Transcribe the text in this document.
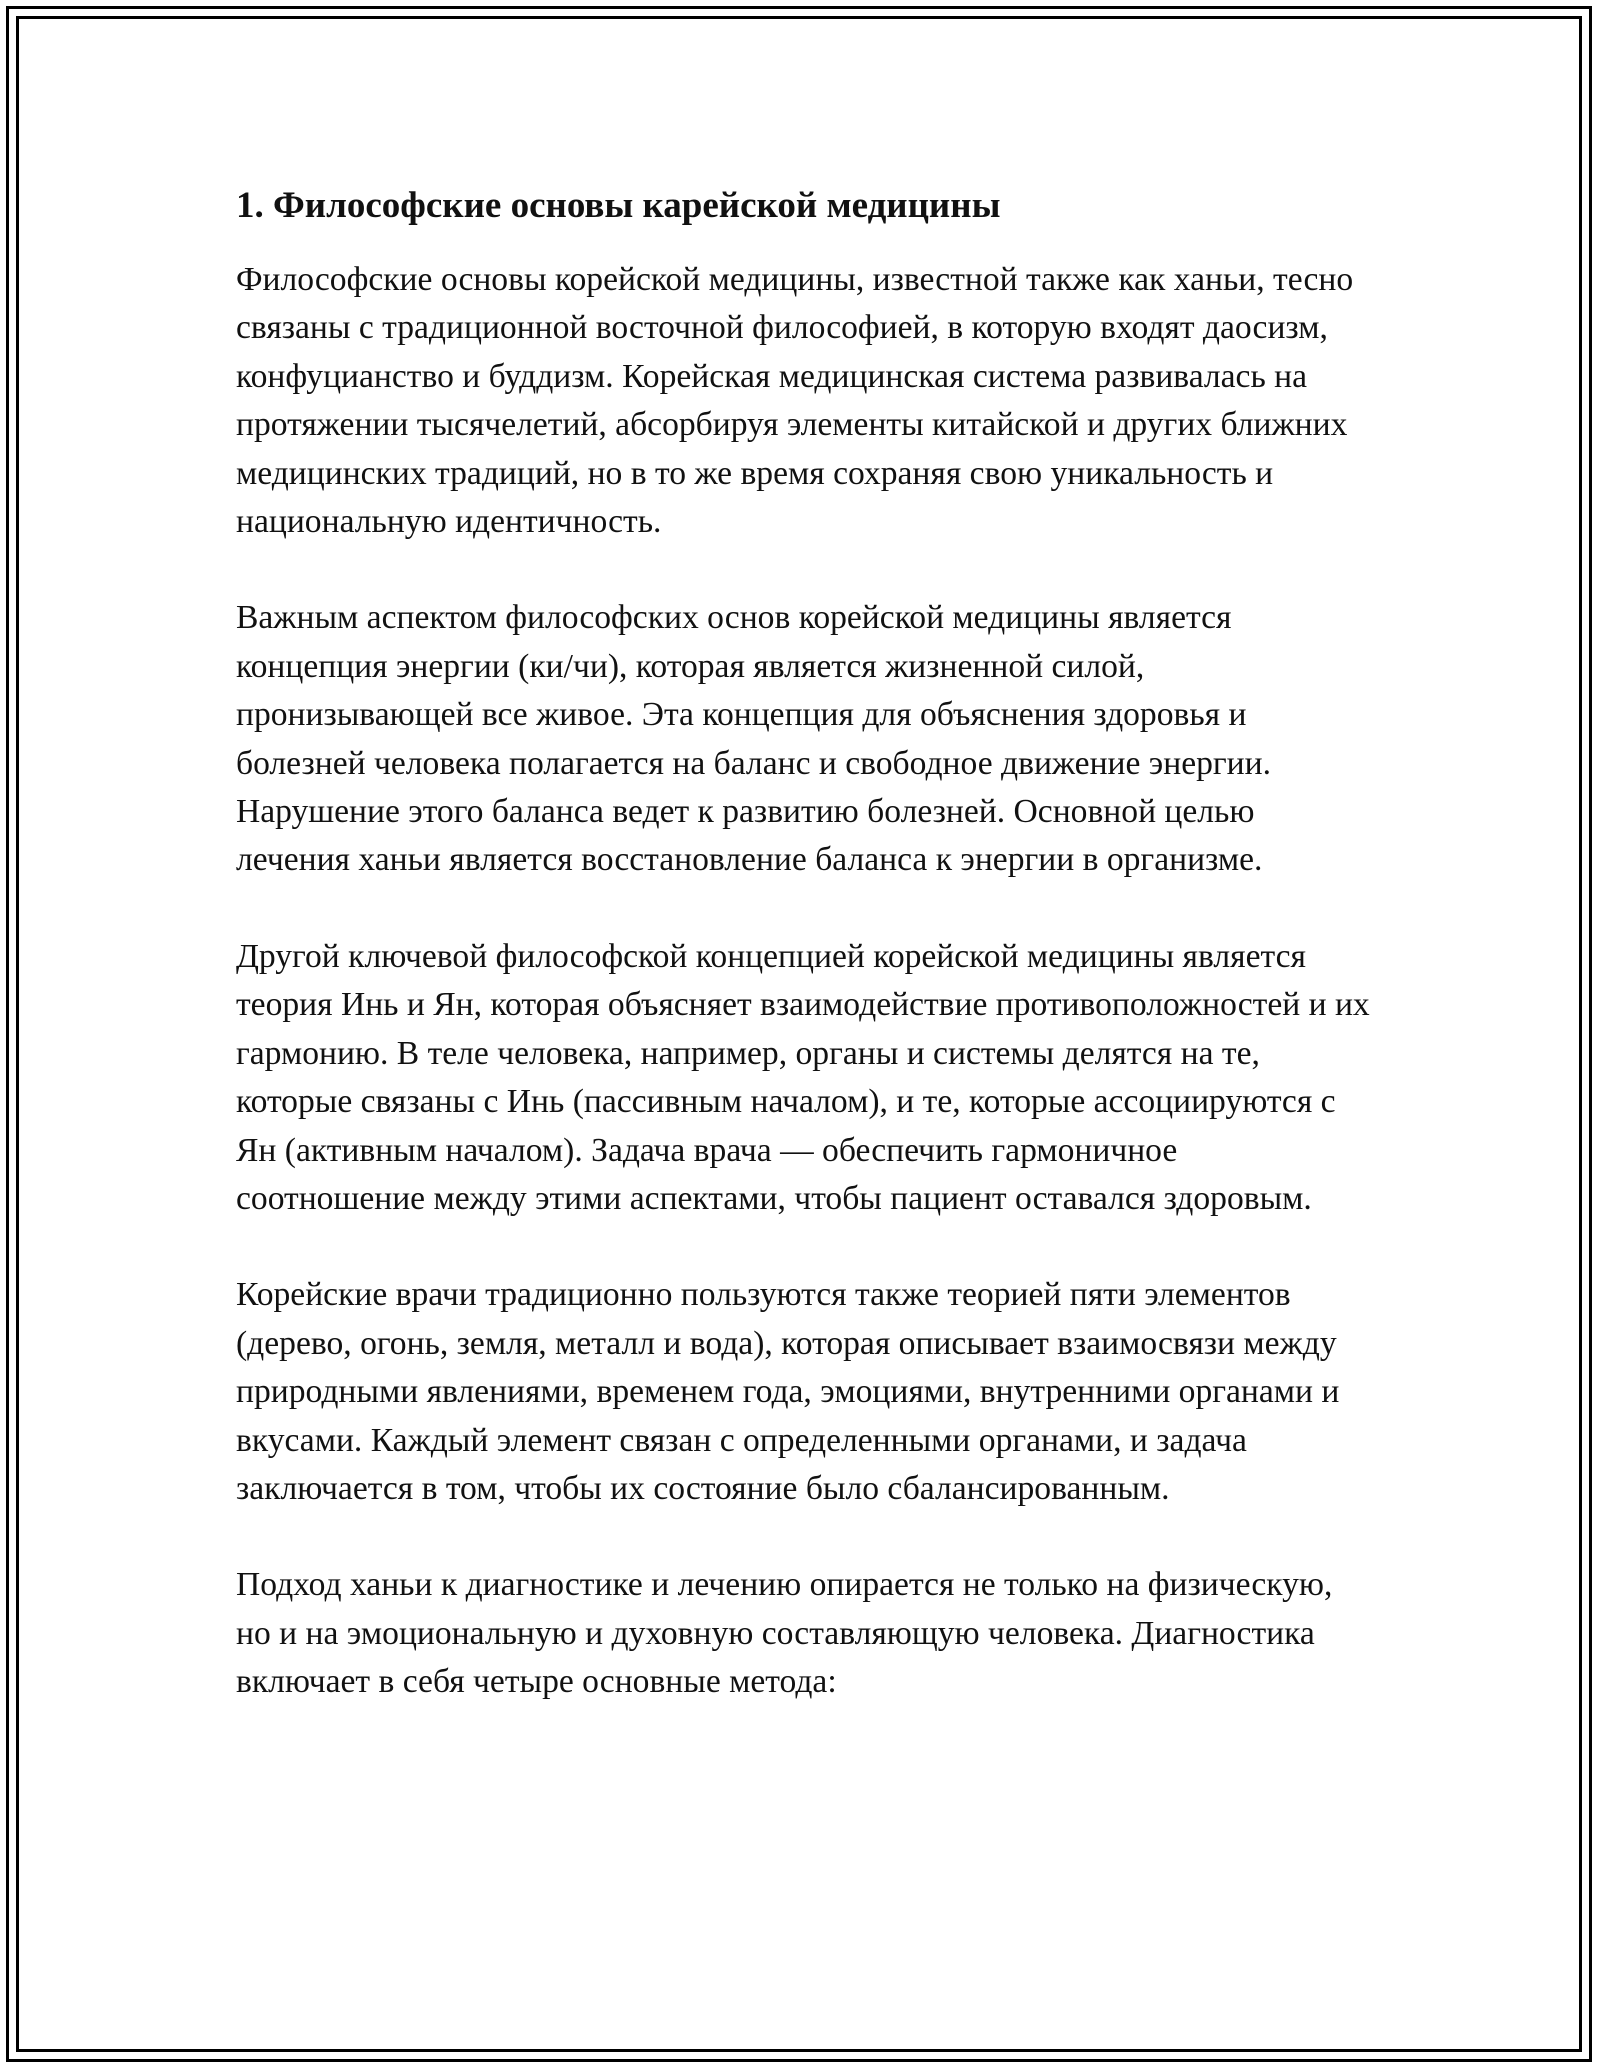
1. Философские основы карейской медицины

Философские основы корейской медицины, известной также как ханьи, тесно связаны с традиционной восточной философией, в которую входят даосизм, конфуцианство и буддизм. Корейская медицинская система развивалась на протяжении тысячелетий, абсорбируя элементы китайской и других ближних медицинских традиций, но в то же время сохраняя свою уникальность и национальную идентичность.

Важным аспектом философских основ корейской медицины является концепция энергии (ки/чи), которая является жизненной силой, пронизывающей все живое. Эта концепция для объяснения здоровья и болезней человека полагается на баланс и свободное движение энергии. Нарушение этого баланса ведет к развитию болезней. Основной целью лечения ханьи является восстановление баланса к энергии в организме.

Другой ключевой философской концепцией корейской медицины является теория Инь и Ян, которая объясняет взаимодействие противоположностей и их гармонию. В теле человека, например, органы и системы делятся на те, которые связаны с Инь (пассивным началом), и те, которые ассоциируются с Ян (активным началом). Задача врача — обеспечить гармоничное соотношение между этими аспектами, чтобы пациент оставался здоровым.

Корейские врачи традиционно пользуются также теорией пяти элементов (дерево, огонь, земля, металл и вода), которая описывает взаимосвязи между природными явлениями, временем года, эмоциями, внутренними органами и вкусами. Каждый элемент связан с определенными органами, и задача заключается в том, чтобы их состояние было сбалансированным.

Подход ханьи к диагностике и лечению опирается не только на физическую, но и на эмоциональную и духовную составляющую человека. Диагностика включает в себя четыре основные метода:
